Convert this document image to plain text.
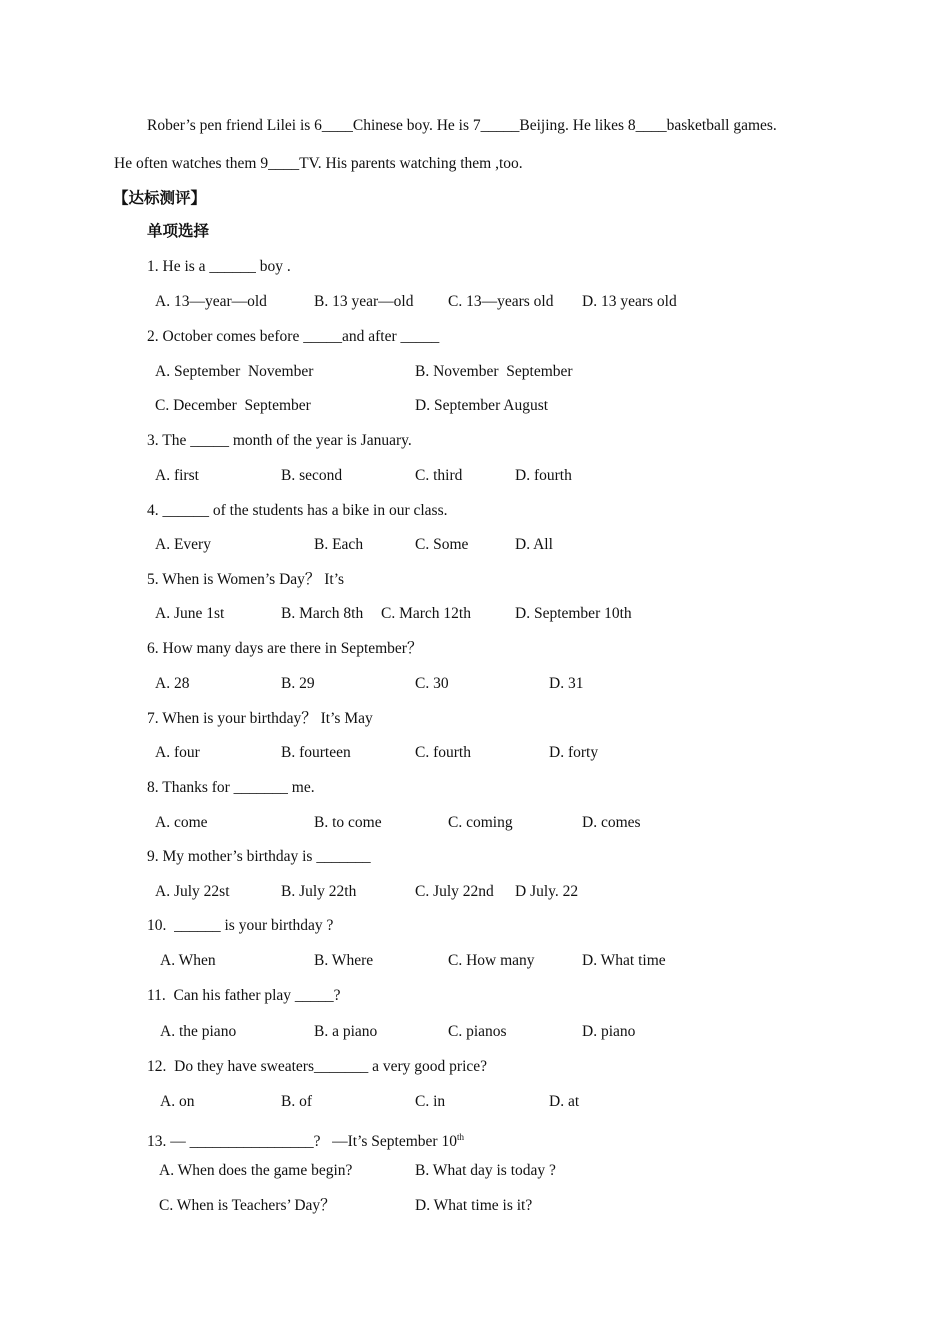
Rober’s pen friend Lilei is 6____Chinese boy. He is 7_____Beijing. He likes 8____basketball games.
He often watches them 9____TV. His parents watching them ,too.
【达标测评】
单项选择
1. He is a ______ boy .
A. 13—year—old	B. 13 year—old C. 13—years old D. 13 years old
2. October comes before _____and after _____
A. September  November	B. November  September
C. December  September	D. September August
3. The _____ month of the year is January.
A. first	B. second	C. third	D. fourth
4. ______ of the students has a bike in our class.
A. Every	B. Each	C. Some	D. All
5. When is Women’s Day？ It’s
A. June 1st	B. March 8th C. March 12th	D. September 10th
6. How many days are there in September？
A. 28	B. 29	C. 30	D. 31
7. When is your birthday？ It’s May
A. four	B. fourteen	C. fourth	D. forty
8. Thanks for _______ me.
A. come	B. to come	C. coming	D. comes
9. My mother’s birthday is _______
A. July 22st	B. July 22th	C. July 22nd D July. 22
10.  ______ is your birthday ?
A. When	B. Where	C. How many	D. What time
11.  Can his father play _____?
A. the piano	B. a piano	C. pianos	D. piano
12.  Do they have sweaters_______ a very good price?
A. on	B. of	C. in	D. at
13. — ________________?   —It’s September 10th
A. When does the game begin?	B. What day is today ?
C. When is Teachers’ Day？	D. What time is it?
